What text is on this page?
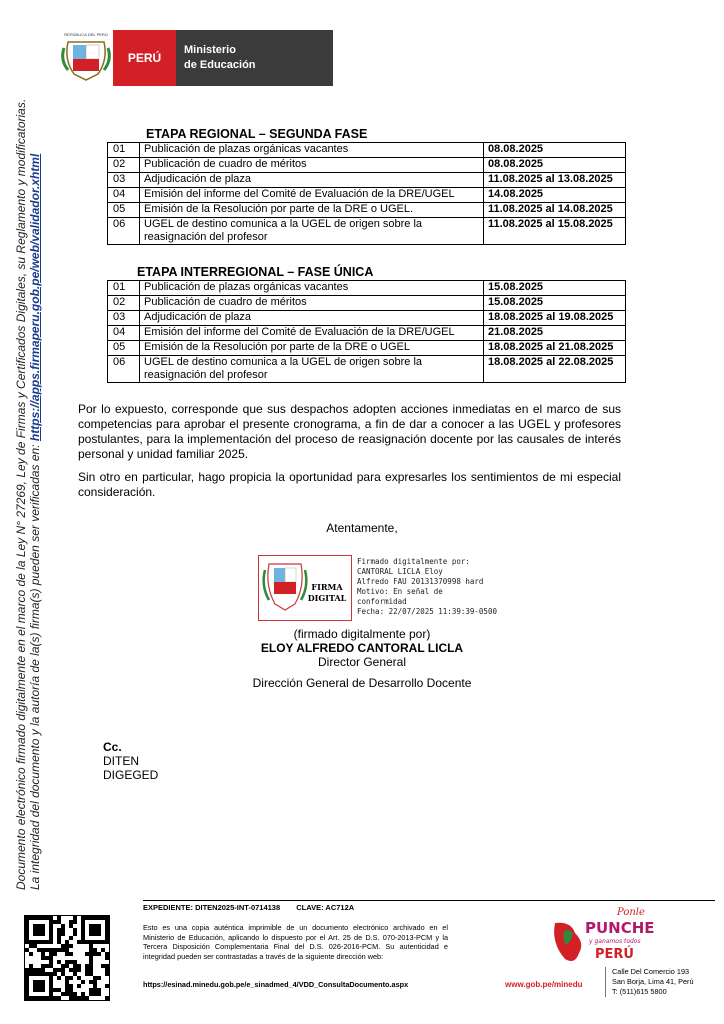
REPÚBLICA DEL PERÚ
PERÚ
Ministerio
de Educación
Documento electrónico firmado digitalmente en el marco de la Ley N° 27269, Ley de Firmas y Certificados Digitales, su Reglamento y modificatorias. La integridad del documento y la autoría de la(s) firma(s) pueden ser verificadas en: https://apps.firmaperu.gob.pe/web/validador.xhtml
ETAPA REGIONAL – SEGUNDA FASE
01	Publicación de plazas orgánicas vacantes	08.08.2025
02	Publicación de cuadro de méritos	08.08.2025
03	Adjudicación de plaza	11.08.2025 al 13.08.2025
04	Emisión del informe del Comité de Evaluación de la DRE/UGEL	14.08.2025
05	Emisión de la Resolución por parte de la DRE o UGEL.	11.08.2025 al 14.08.2025
06	UGEL de destino comunica a la UGEL de origen sobre la reasignación del profesor	11.08.2025 al 15.08.2025
ETAPA INTERREGIONAL – FASE ÚNICA
01	Publicación de plazas orgánicas vacantes	15.08.2025
02	Publicación de cuadro de méritos	15.08.2025
03	Adjudicación de plaza	18.08.2025 al 19.08.2025
04	Emisión del informe del Comité de Evaluación de la DRE/UGEL	21.08.2025
05	Emisión de la Resolución por parte de la DRE o UGEL	18.08.2025 al 21.08.2025
06	UGEL de destino comunica a la UGEL de origen sobre la reasignación del profesor	18.08.2025 al 22.08.2025
Por lo expuesto, corresponde que sus despachos adopten acciones inmediatas en el marco de sus competencias para aprobar el presente cronograma, a fin de dar a conocer a las UGEL y profesores postulantes, para la implementación del proceso de reasignación docente por las causales de interés personal y unidad familiar 2025.
Sin otro en particular, hago propicia la oportunidad para expresarles los sentimientos de mi especial consideración.
Atentamente,
FIRMA
DIGITAL
Firmado digitalmente por:
CANTORAL LICLA Eloy
Alfredo FAU 20131370998 hard
Motivo: En señal de
conformidad
Fecha: 22/07/2025 11:39:39-0500
(firmado digitalmente por)
ELOY ALFREDO CANTORAL LICLA
Director General
Dirección General de Desarrollo Docente
Cc.
DITEN
DIGEGED
EXPEDIENTE: DITEN2025-INT-0714138 CLAVE: AC712A
Esto es una copia auténtica imprimible de un documento electrónico archivado en el Ministerio de Educación, aplicando lo dispuesto por el Art. 25 de D.S. 070-2013-PCM y la Tercera Disposición Complementaria Final del D.S. 026-2016-PCM. Su autenticidad e integridad pueden ser contrastadas a través de la siguiente dirección web:
https://esinad.minedu.gob.pe/e_sinadmed_4/VDD_ConsultaDocumento.aspx
Ponle
PUNCHE
y ganamos todos
PERÚ
www.gob.pe/minedu
Calle Del Comercio 193
San Borja, Lima 41, Perú
T: (511)615 5800
